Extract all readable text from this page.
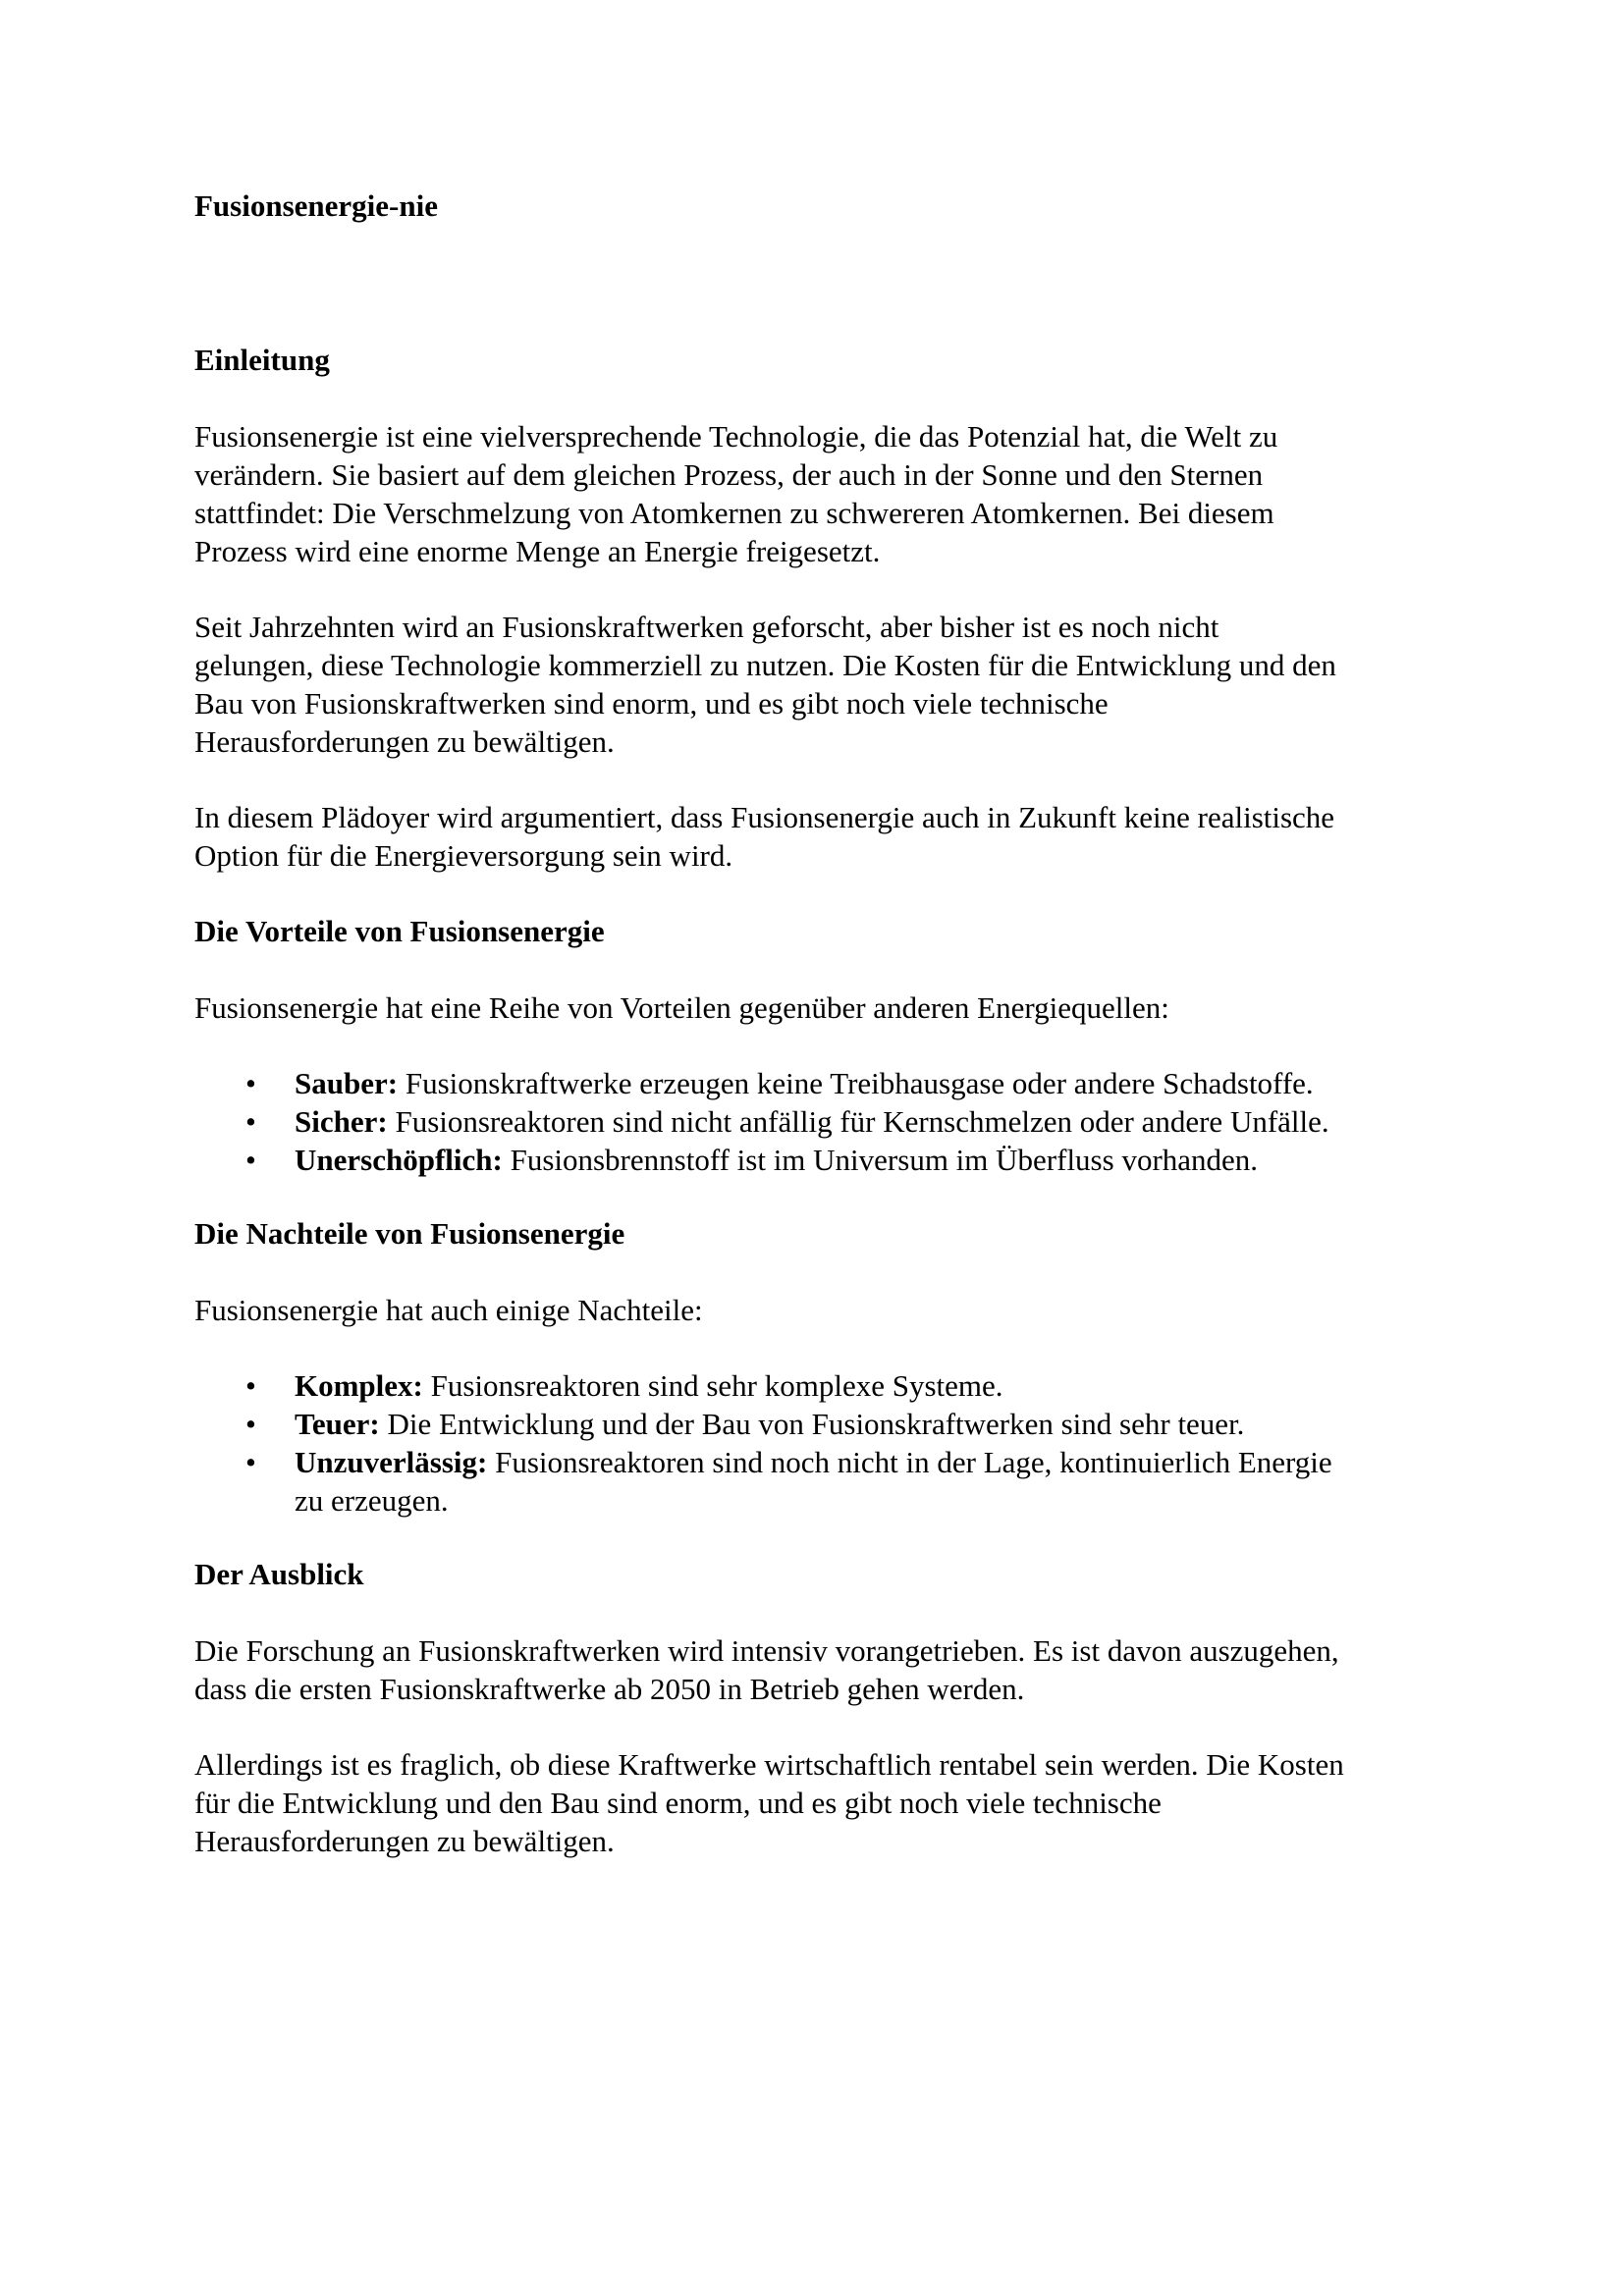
Fusionsenergie-nie

Einleitung

Fusionsenergie ist eine vielversprechende Technologie, die das Potenzial hat, die Welt zu
verändern. Sie basiert auf dem gleichen Prozess, der auch in der Sonne und den Sternen
stattfindet: Die Verschmelzung von Atomkernen zu schwereren Atomkernen. Bei diesem
Prozess wird eine enorme Menge an Energie freigesetzt.

Seit Jahrzehnten wird an Fusionskraftwerken geforscht, aber bisher ist es noch nicht
gelungen, diese Technologie kommerziell zu nutzen. Die Kosten für die Entwicklung und den
Bau von Fusionskraftwerken sind enorm, und es gibt noch viele technische
Herausforderungen zu bewältigen.

In diesem Plädoyer wird argumentiert, dass Fusionsenergie auch in Zukunft keine realistische
Option für die Energieversorgung sein wird.

Die Vorteile von Fusionsenergie

Fusionsenergie hat eine Reihe von Vorteilen gegenüber anderen Energiequellen:

• Sauber: Fusionskraftwerke erzeugen keine Treibhausgase oder andere Schadstoffe.
• Sicher: Fusionsreaktoren sind nicht anfällig für Kernschmelzen oder andere Unfälle.
• Unerschöpflich: Fusionsbrennstoff ist im Universum im Überfluss vorhanden.

Die Nachteile von Fusionsenergie

Fusionsenergie hat auch einige Nachteile:

• Komplex: Fusionsreaktoren sind sehr komplexe Systeme.
• Teuer: Die Entwicklung und der Bau von Fusionskraftwerken sind sehr teuer.
• Unzuverlässig: Fusionsreaktoren sind noch nicht in der Lage, kontinuierlich Energie
zu erzeugen.

Der Ausblick

Die Forschung an Fusionskraftwerken wird intensiv vorangetrieben. Es ist davon auszugehen,
dass die ersten Fusionskraftwerke ab 2050 in Betrieb gehen werden.

Allerdings ist es fraglich, ob diese Kraftwerke wirtschaftlich rentabel sein werden. Die Kosten
für die Entwicklung und den Bau sind enorm, und es gibt noch viele technische
Herausforderungen zu bewältigen.
